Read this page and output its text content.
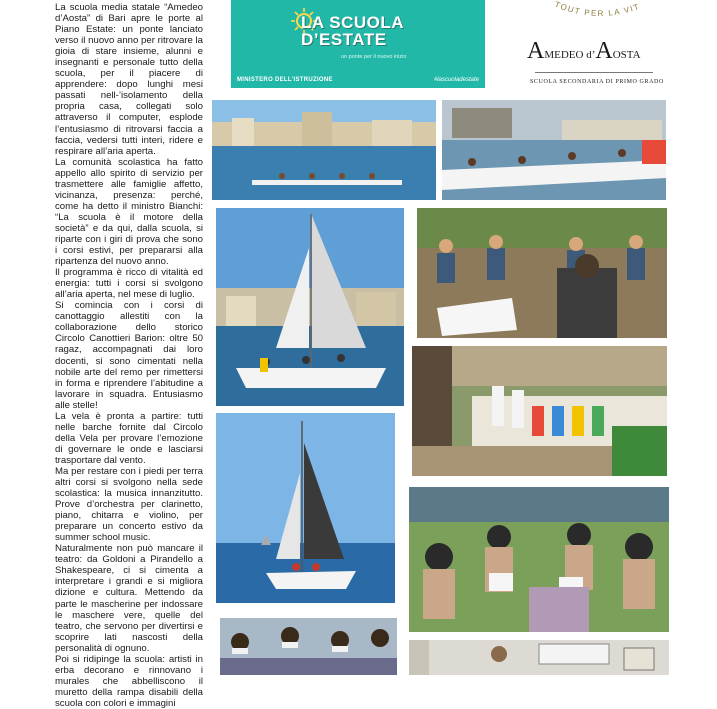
La scuola media statale “Amedeo d’Aosta” di Bari apre le porte al Piano Estate: un ponte lanciato verso il nuovo anno per ritrovare la gioia di stare insieme, alunni e insegnanti e personale tutto della scuola, per il piacere di apprendere: dopo lunghi mesi passati nell-’isolamento della propria casa, collegati solo attraverso il computer, esplode l’entusiasmo di ritrovarsi faccia a faccia, vedersi tutti interi, ridere e respirare all’aria aperta.

La comunità scolastica ha fatto appello allo spirito di servizio per trasmettere alle famiglie affetto, vicinanza, presenza: perché, come ha detto il ministro Bianchi: “La scuola è il motore della società” e da qui, dalla scuola, si riparte con i giri di prova che sono i corsi estivi, per prepararsi alla ripartenza del nuovo anno.

Il programma è ricco di vitalità ed energia: tutti i corsi si svolgono all’aria aperta, nel mese di luglio.

Si comincia con i corsi di canottaggio allestiti con la collaborazione dello storico Circolo Canottieri Barion: oltre 50 ragaz, accompagnati dai loro docenti, si sono cimentati nella nobile arte del remo per rimettersi in forma e riprendere l’abitudine a lavorare in squadra. Entusiasmo alle stelle!

La vela è pronta a partire: tutti nelle barche fornite dal Circolo della Vela per provare l’emozione di governare le onde e lasciarsi trasportare dal vento.

Ma per restare con i piedi per terra altri corsi si svolgono nella sede scolastica: la musica innanzitutto. Prove d’orchestra per clarinetto, piano, chitarra e violino, per preparare un concerto estivo da summer school music.

Naturalmente non può mancare il teatro: da Goldoni a Pirandello a Shakespeare, ci si cimenta a interpretare i grandi e si migliora dizione e cultura. Mettendo da parte le mascherine per indossare le maschere vere, quelle del teatro, che servono per divertirsi e scoprire lati nascosti della personalità di ognuno.

Poi si ridipinge la scuola: artisti in erba decorano e rinnovano i murales che abbelliscono il muretto della rampa disabili della scuola con colori e immagini

LA SCUOLA
D’ESTATE
un ponte per il nuovo inizio
MINISTERO DELL’ISTRUZIONE	#lascuoladestate
TOUT PER LA VIT
AMEDEO d’AOSTA
SCUOLA SECONDARIA DI PRIMO GRADO
